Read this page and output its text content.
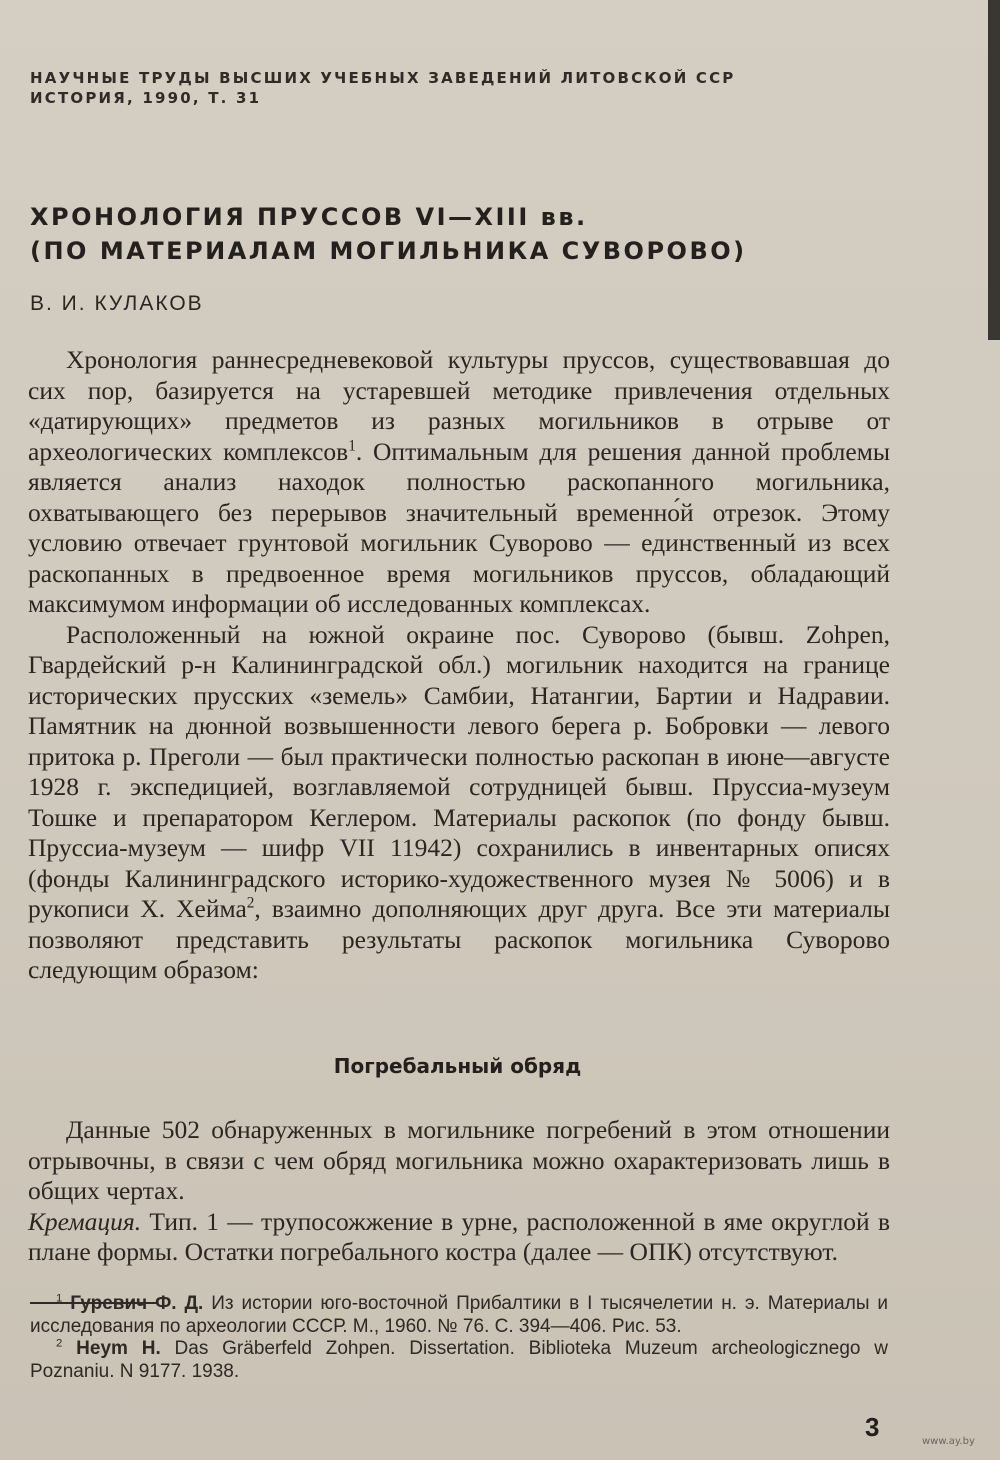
НАУЧНЫЕ ТРУДЫ ВЫСШИХ УЧЕБНЫХ ЗАВЕДЕНИЙ ЛИТОВСКОЙ ССР
ИСТОРИЯ, 1990, Т. 31
ХРОНОЛОГИЯ ПРУССОВ VI—XIII вв.
(ПО МАТЕРИАЛАМ МОГИЛЬНИКА СУВОРОВО)
В. И. КУЛАКОВ

Хронология раннесредневековой культуры пруссов, существовавшая до сих пор, базируется на устаревшей методике привлечения отдельных «датирующих» предметов из разных могильников в отрыве от археологических комплексов$^1$. Оптимальным для решения данной проблемы является анализ находок полностью раскопанного могильника, охватывающего без перерывов значительный временно́й отрезок. Этому условию отвечает грунтовой могильник Суворово — единственный из всех раскопанных в предвоенное время могильников пруссов, обладающий максимумом информации об исследованных комплексах.

Расположенный на южной окраине пос. Суворово (бывш. Zohpen, Гвардейский р-н Калининградской обл.) могильник находится на границе исторических прусских «земель» Самбии, Натангии, Бартии и Надравии. Памятник на дюнной возвышенности левого берега р. Бобровки — левого притока р. Преголи — был практически полностью раскопан в июне—августе 1928 г. экспедицией, возглавляемой сотрудницей бывш. Пруссиа-музеум Тошке и препаратором Кеглером. Материалы раскопок (по фонду бывш. Пруссиа-музеум — шифр VII 11942) сохранились в инвентарных описях (фонды Калининградского историко-художественного музея № 5006) и в рукописи Х. Хейма$^2$, взаимно дополняющих друг друга. Все эти материалы позволяют представить результаты раскопок могильника Суворово следующим образом:

Погребальный обряд

Данные 502 обнаруженных в могильнике погребений в этом отношении отрывочны, в связи с чем обряд могильника можно охарактеризовать лишь в общих чертах.

Кремация. Тип. 1 — трупосожжение в урне, расположенной в яме округлой в плане формы. Остатки погребального костра (далее — ОПК) отсутствуют.

$^1$ Гуревич Ф. Д. Из истории юго-восточной Прибалтики в I тысячелетии н. э. Материалы и исследования по археологии СССР. М., 1960. № 76. С. 394—406. Рис. 53.

$^2$ Heym H. Das Gräberfeld Zohpen. Dissertation. Biblioteka Muzeum archeologicznego w Poznaniu. N 9177. 1938.

3	www.ay.by
